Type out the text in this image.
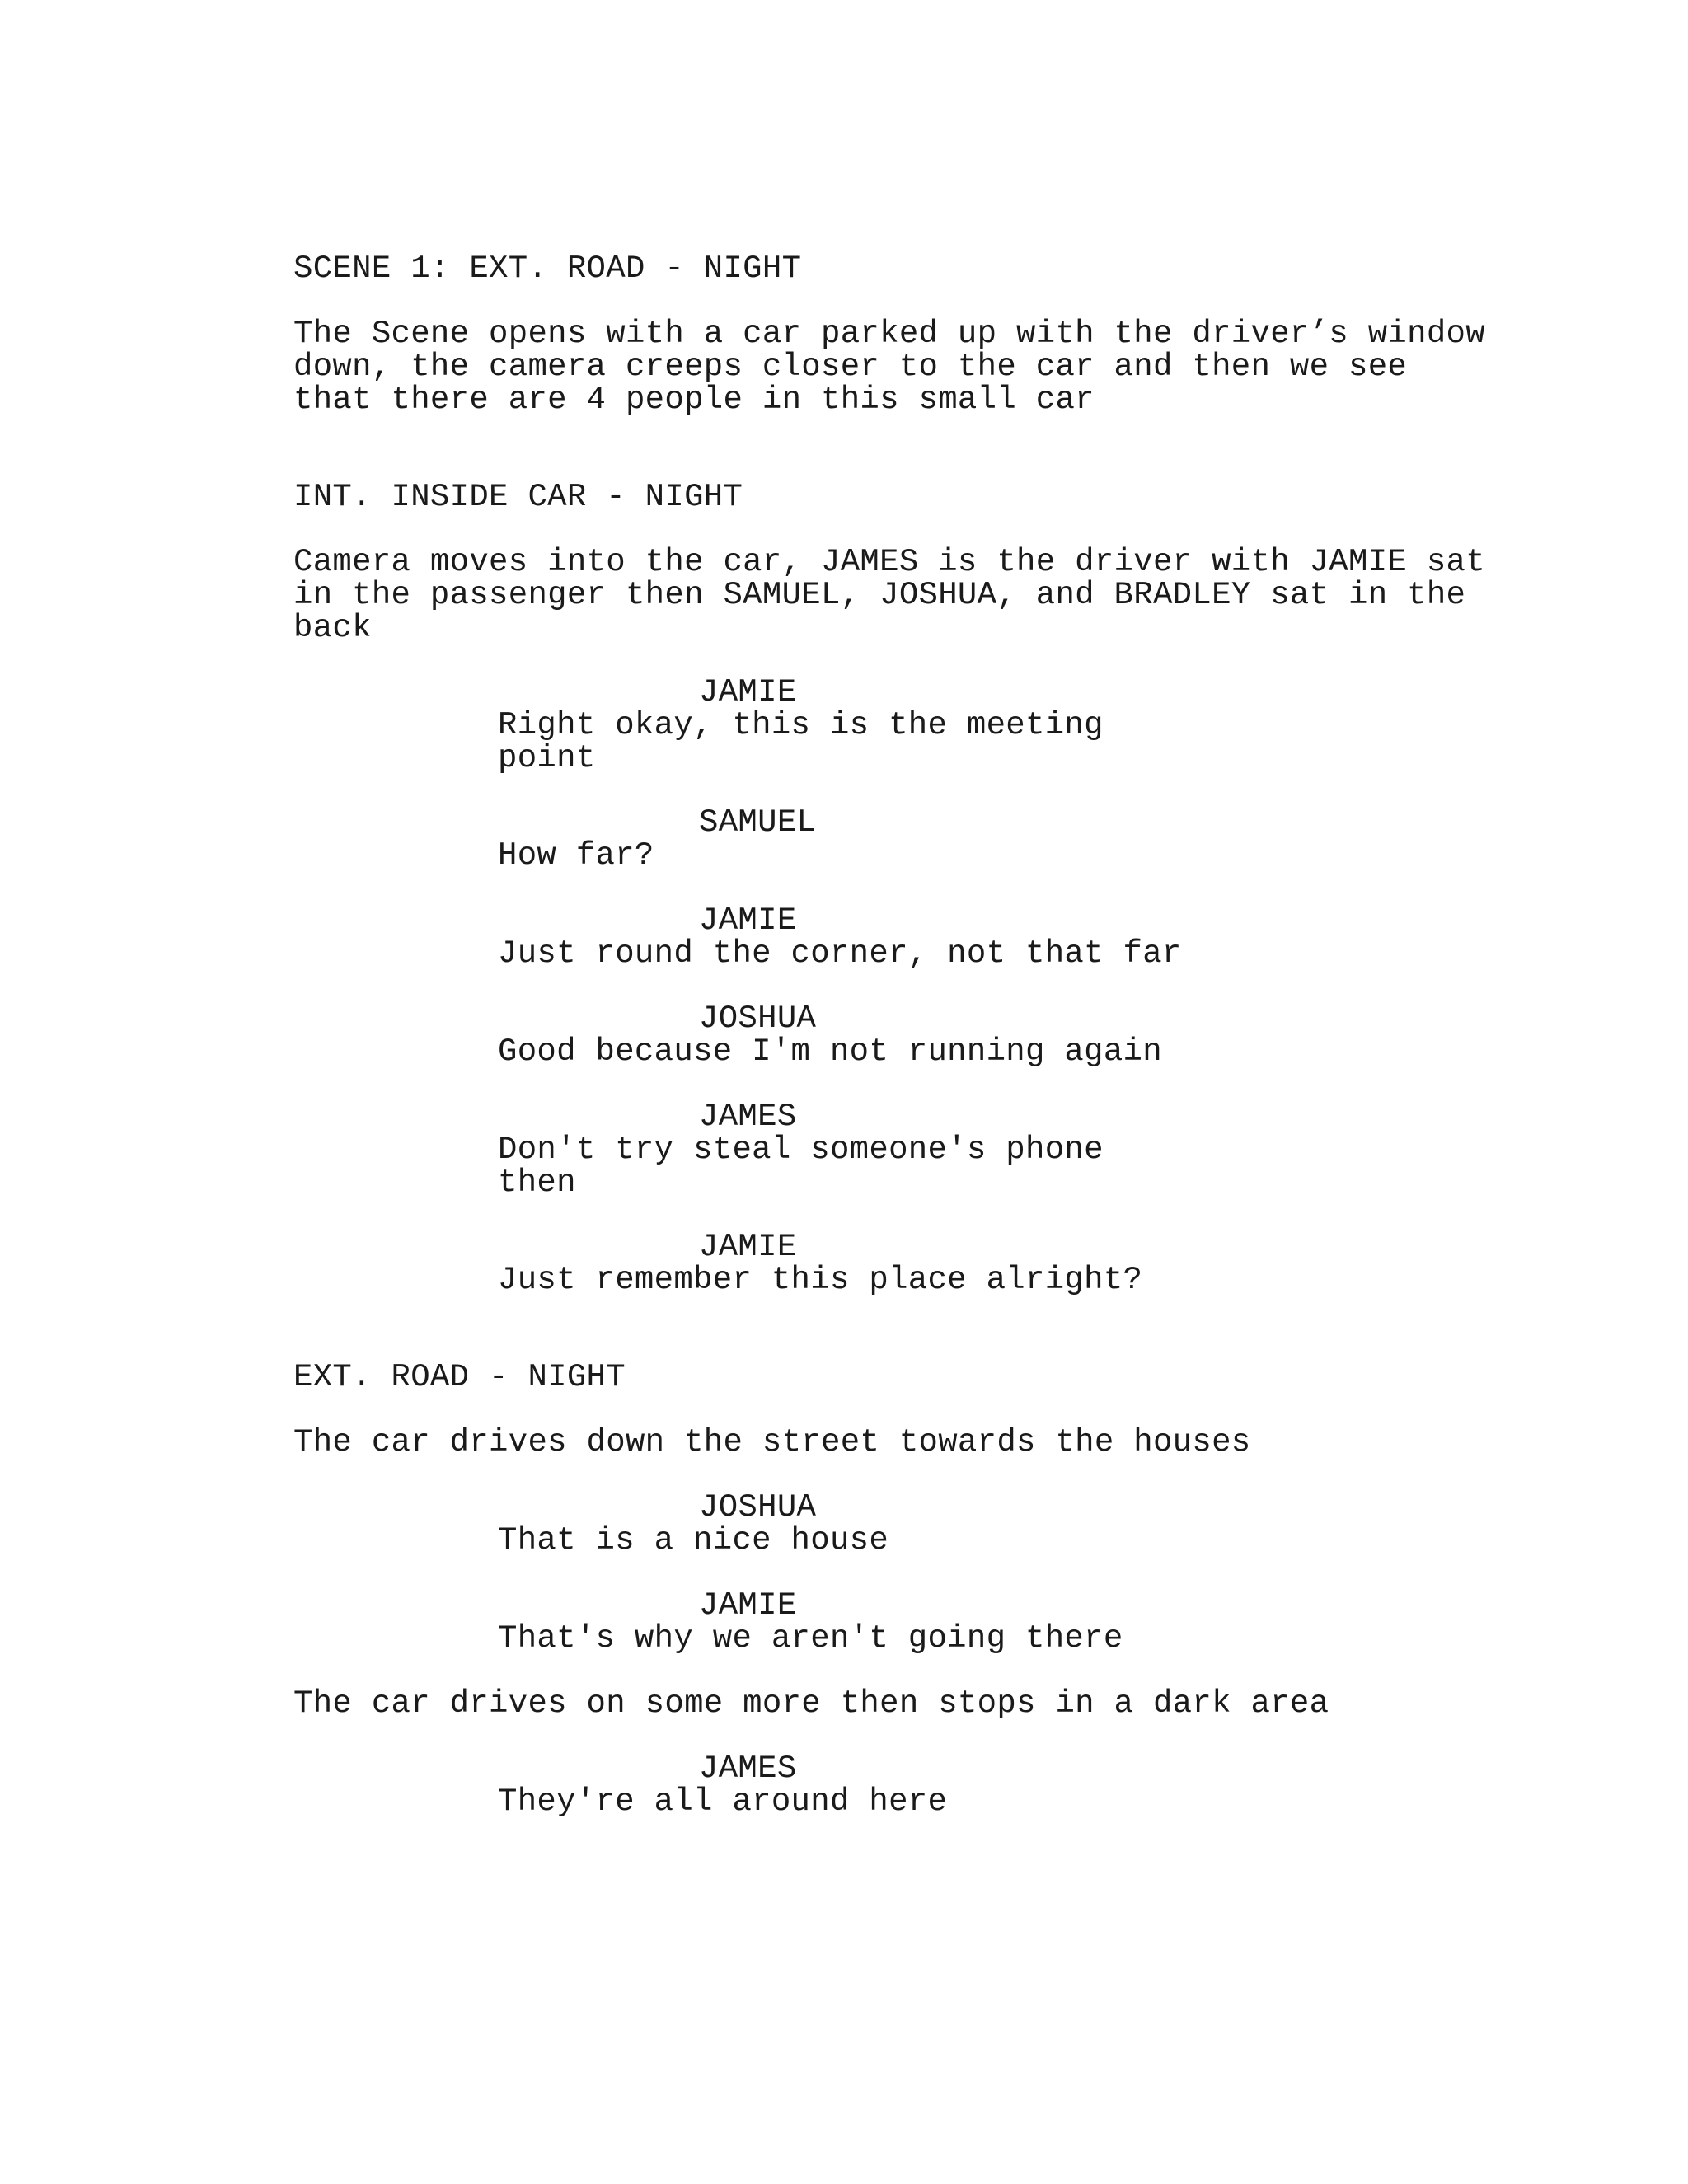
SCENE 1: EXT. ROAD - NIGHT
The Scene opens with a car parked up with the driver’s window
down, the camera creeps closer to the car and then we see
that there are 4 people in this small car
INT. INSIDE CAR - NIGHT
Camera moves into the car, JAMES is the driver with JAMIE sat
in the passenger then SAMUEL, JOSHUA, and BRADLEY sat in the
back
JAMIE
Right okay, this is the meeting
point
SAMUEL
How far?
JAMIE
Just round the corner, not that far
JOSHUA
Good because I'm not running again
JAMES
Don't try steal someone's phone
then
JAMIE
Just remember this place alright?
EXT. ROAD - NIGHT
The car drives down the street towards the houses
JOSHUA
That is a nice house
JAMIE
That's why we aren't going there
The car drives on some more then stops in a dark area
JAMES
They're all around here
